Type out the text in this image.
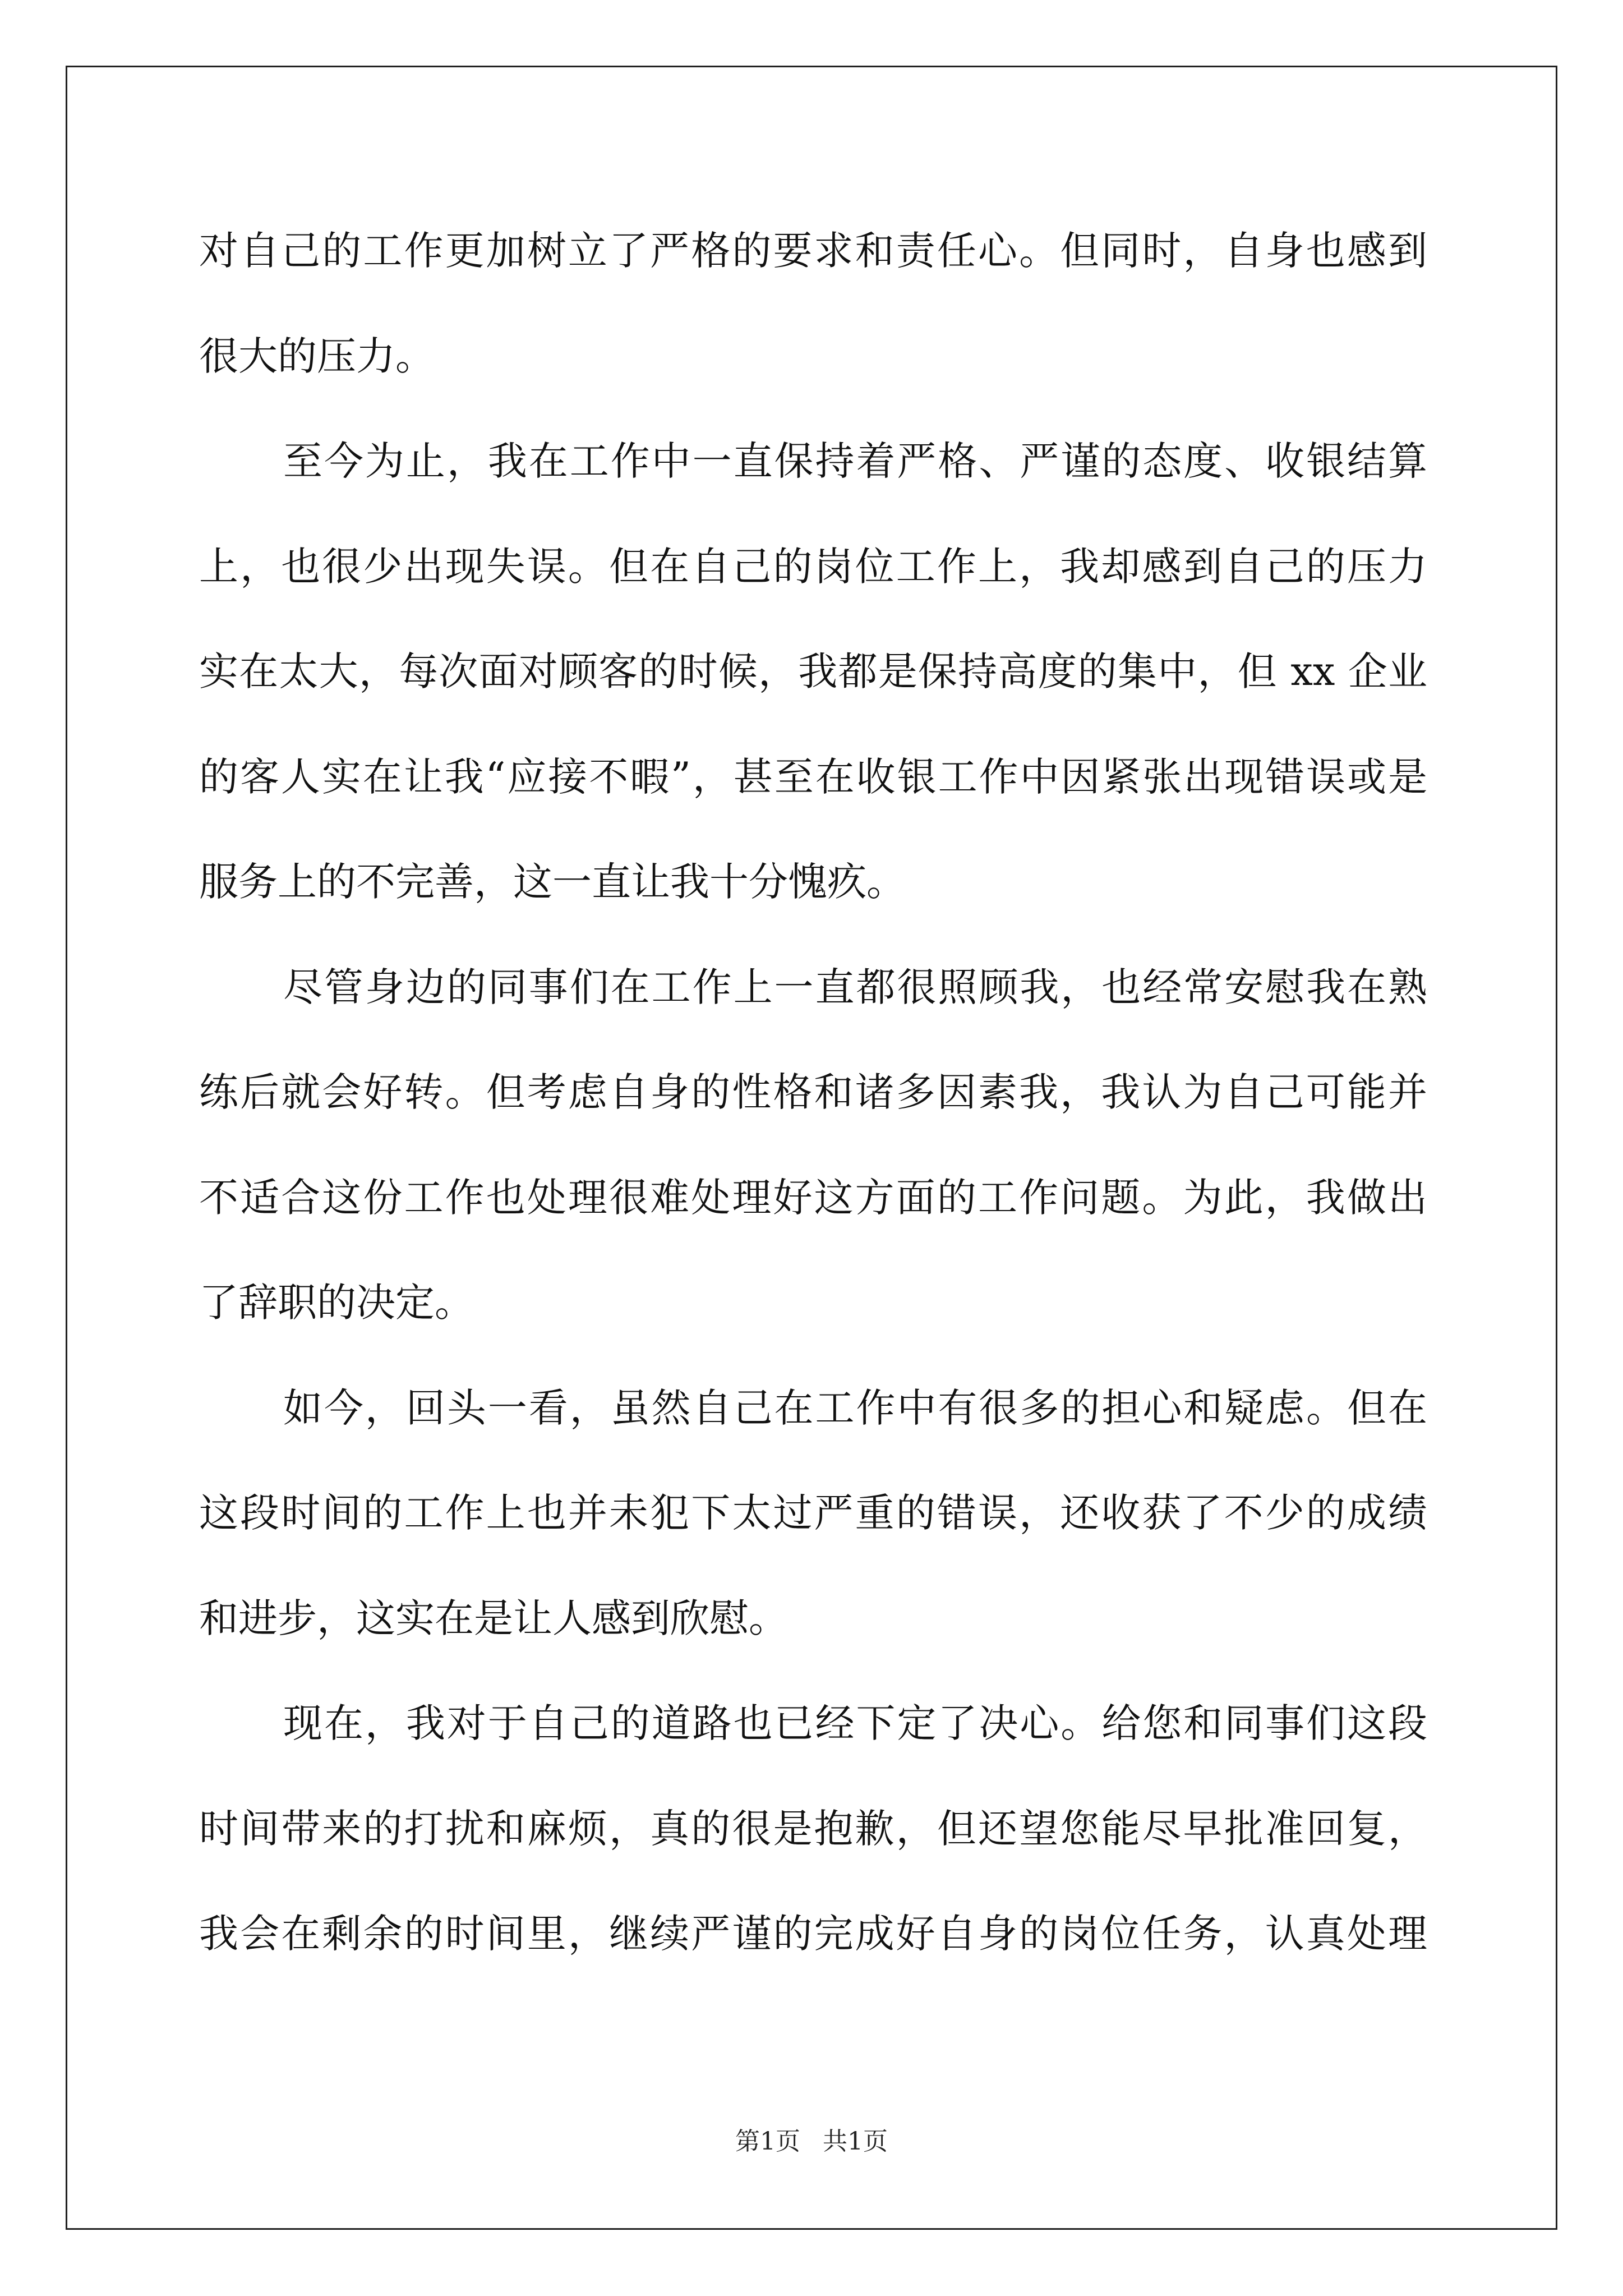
对自己的工作更加树立了严格的要求和责任心。但同时，自身也感到
很大的压力。
至今为止，我在工作中一直保持着严格、严谨的态度、收银结算
上，也很少出现失误。但在自己的岗位工作上，我却感到自己的压力
实在太大，每次面对顾客的时候，我都是保持高度的集中，但 xx 企业
的客人实在让我“应接不暇”，甚至在收银工作中因紧张出现错误或是
服务上的不完善，这一直让我十分愧疚。
尽管身边的同事们在工作上一直都很照顾我，也经常安慰我在熟
练后就会好转。但考虑自身的性格和诸多因素我，我认为自己可能并
不适合这份工作也处理很难处理好这方面的工作问题。为此，我做出
了辞职的决定。
如今，回头一看，虽然自己在工作中有很多的担心和疑虑。但在
这段时间的工作上也并未犯下太过严重的错误，还收获了不少的成绩
和进步，这实在是让人感到欣慰。
现在，我对于自己的道路也已经下定了决心。给您和同事们这段
时间带来的打扰和麻烦，真的很是抱歉，但还望您能尽早批准回复，
我会在剩余的时间里，继续严谨的完成好自身的岗位任务，认真处理
第1页 共1页
